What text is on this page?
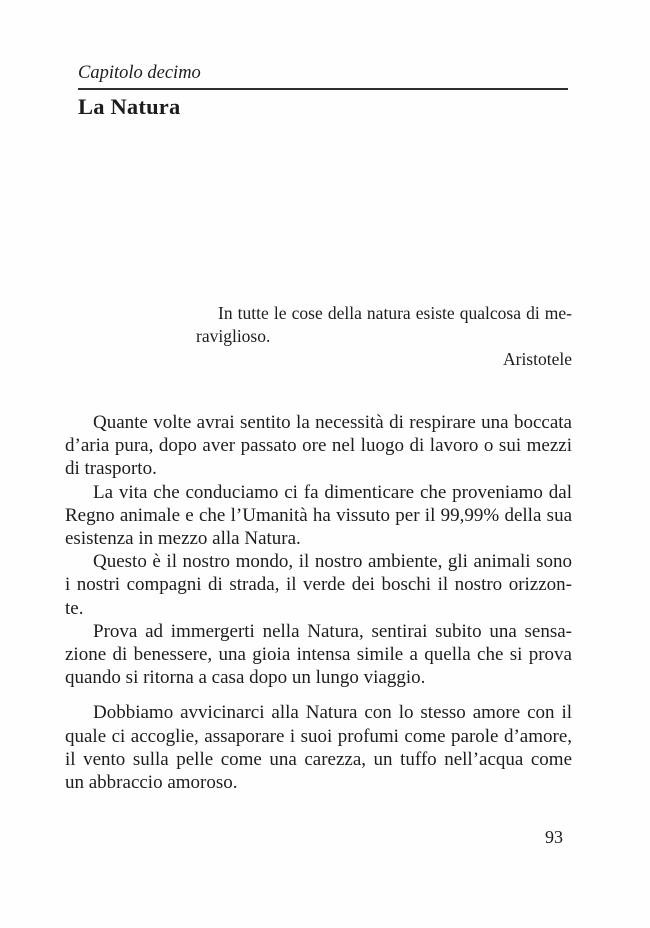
Capitolo decimo
La Natura
In tutte le cose della natura esiste qualcosa di me-
raviglioso.
Aristotele
Quante volte avrai sentito la necessità di respirare una boccata
d’aria pura, dopo aver passato ore nel luogo di lavoro o sui mezzi
di trasporto.
La vita che conduciamo ci fa dimenticare che proveniamo dal
Regno animale e che l’Umanità ha vissuto per il 99,99% della sua
esistenza in mezzo alla Natura.
Questo è il nostro mondo, il nostro ambiente, gli animali sono
i nostri compagni di strada, il verde dei boschi il nostro orizzon-
te.
Prova ad immergerti nella Natura, sentirai subito una sensa-
zione di benessere, una gioia intensa simile a quella che si prova
quando si ritorna a casa dopo un lungo viaggio.
Dobbiamo avvicinarci alla Natura con lo stesso amore con il
quale ci accoglie, assaporare i suoi profumi come parole d’amore,
il vento sulla pelle come una carezza, un tuffo nell’acqua come
un abbraccio amoroso.
93
